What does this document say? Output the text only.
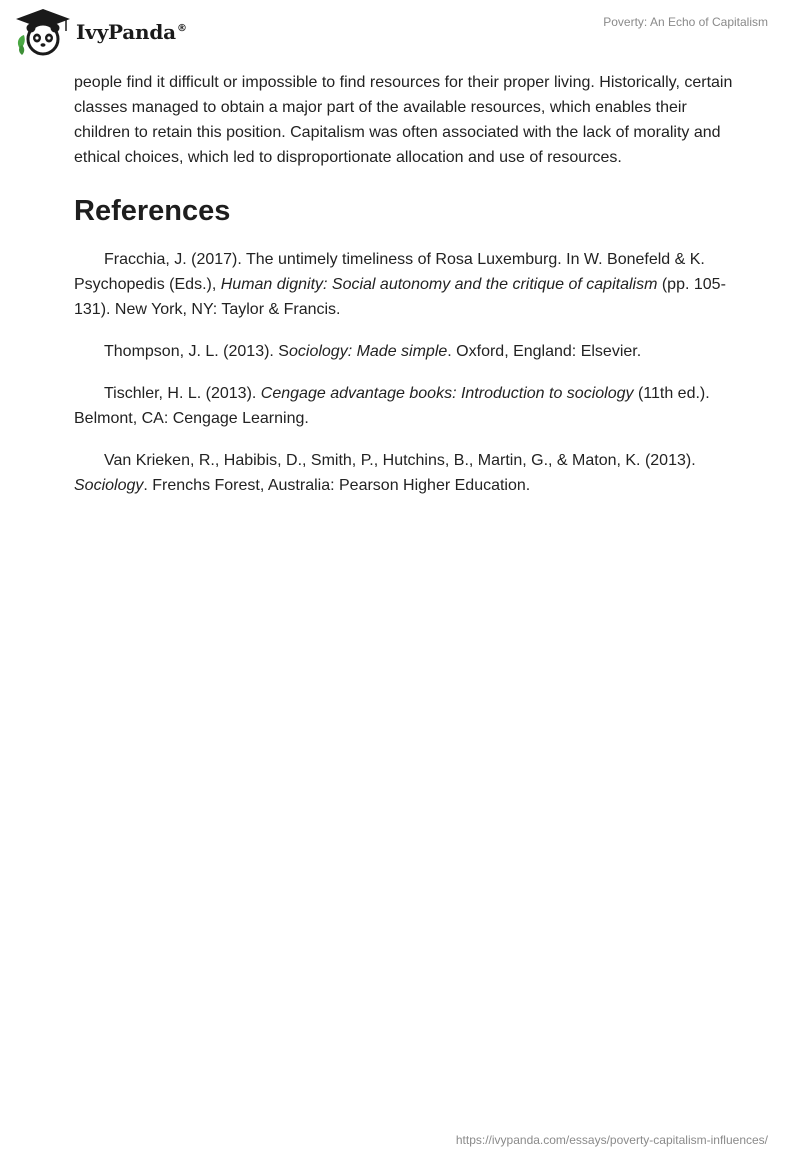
IvyPanda®	Poverty: An Echo of Capitalism

people find it difficult or impossible to find resources for their proper living. Historically, certain classes managed to obtain a major part of the available resources, which enables their children to retain this position. Capitalism was often associated with the lack of morality and ethical choices, which led to disproportionate allocation and use of resources.

References

Fracchia, J. (2017). The untimely timeliness of Rosa Luxemburg. In W. Bonefeld & K. Psychopedis (Eds.), Human dignity: Social autonomy and the critique of capitalism (pp. 105-131). New York, NY: Taylor & Francis.

Thompson, J. L. (2013). Sociology: Made simple. Oxford, England: Elsevier.

Tischler, H. L. (2013). Cengage advantage books: Introduction to sociology (11th ed.). Belmont, CA: Cengage Learning.

Van Krieken, R., Habibis, D., Smith, P., Hutchins, B., Martin, G., & Maton, K. (2013). Sociology. Frenchs Forest, Australia: Pearson Higher Education.

https://ivypanda.com/essays/poverty-capitalism-influences/
